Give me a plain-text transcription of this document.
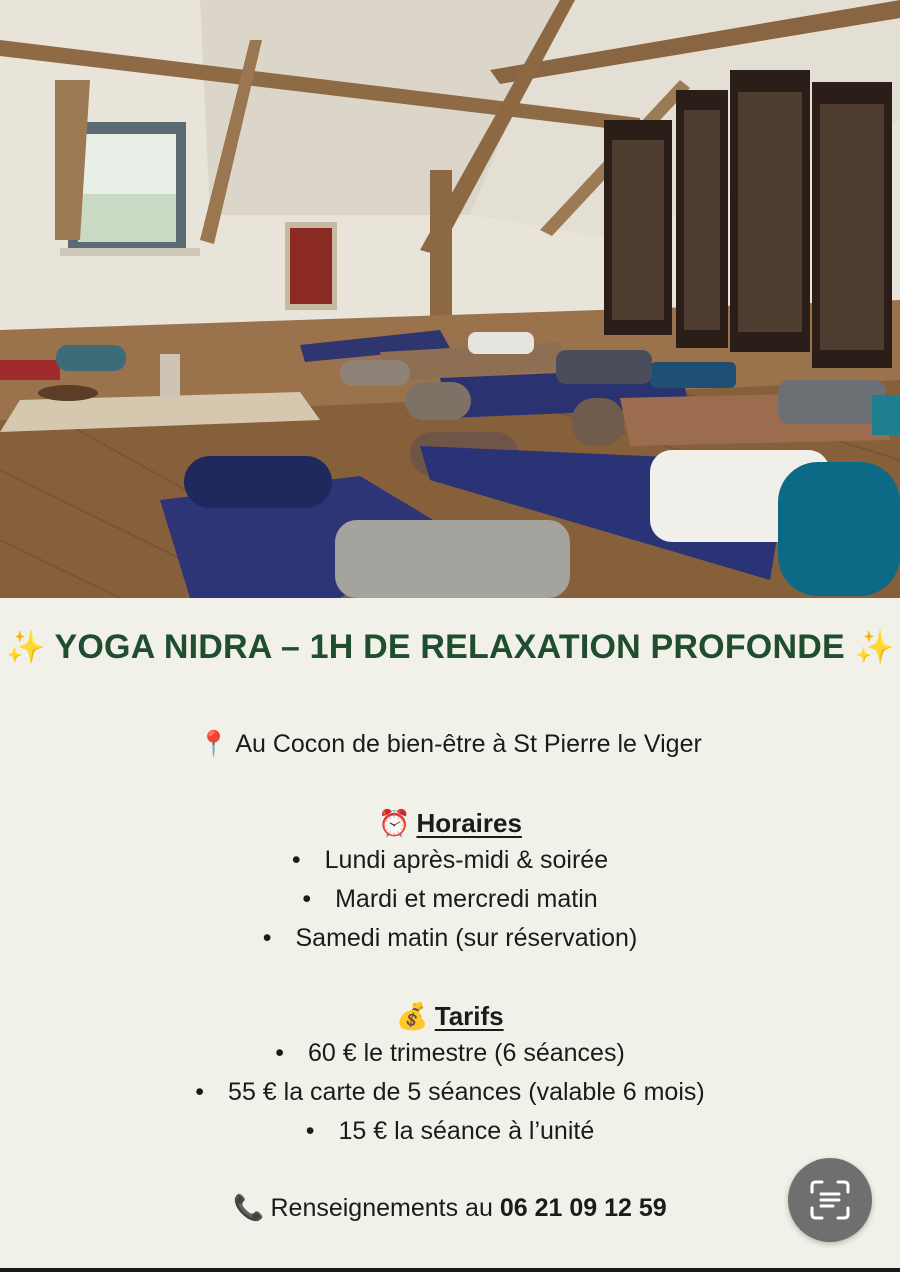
✨ YOGA NIDRA – 1H DE RELAXATION PROFONDE ✨
📍 Au Cocon de bien-être à St Pierre le Viger
⏰ Horaires
• Lundi après-midi & soirée
• Mardi et mercredi matin
• Samedi matin (sur réservation)
💰 Tarifs
• 60 € le trimestre (6 séances)
• 55 € la carte de 5 séances (valable 6 mois)
• 15 € la séance à l’unité
📞 Renseignements au 06 21 09 12 59
